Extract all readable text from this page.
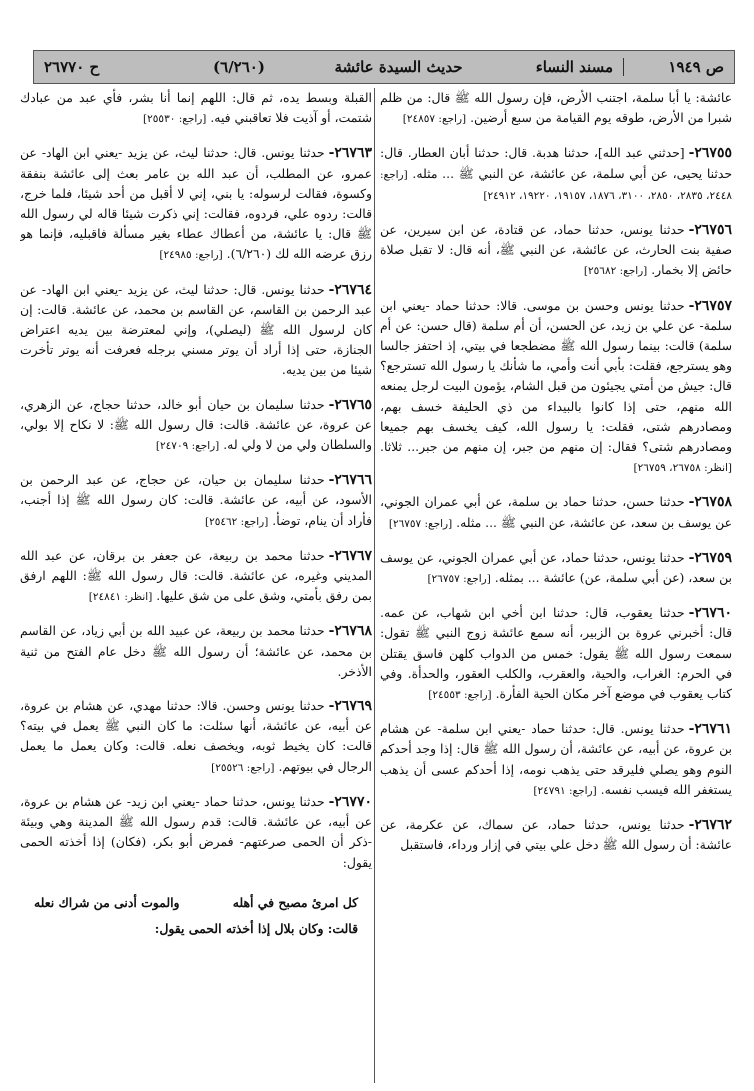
ص ١٩٤٩
مسند النساء
حديث السيدة عائشة
(٦/٢٦٠)
ح ٢٦٧٧٠

عائشة: يا أبا سلمة، اجتنب الأرض، فإن رسول الله ﷺ قال: من ظلم شبرا من الأرض، طوقه يوم القيامة من سبع أرضين. [راجع: ٢٤٨٥٧]

٢٦٧٥٥-[حدثني عبد الله]، حدثنا هدبة. قال: حدثنا أبان العطار. قال: حدثنا يحيى، عن أبي سلمة، عن عائشة، عن النبي ﷺ ... مثله. [راجع: ٢٤٤٨، ٢٨٣٥، ٢٨٥٠، ٣١٠٠، ١٨٧٦، ١٩١٥٧، ١٩٢٢٠، ٢٤٩١٢]

٢٦٧٥٦-حدثنا يونس، حدثنا حماد، عن قتادة، عن ابن سيرين، عن صفية بنت الحارث، عن عائشة، عن النبي ﷺ، أنه قال: لا تقبل صلاة حائض إلا بخمار. [راجع: ٢٥٦٨٢]

٢٦٧٥٧-حدثنا يونس وحسن بن موسى. قالا: حدثنا حماد -يعني ابن سلمة- عن علي بن زيد، عن الحسن، أن أم سلمة (قال حسن: عن أم سلمة) قالت: بينما رسول الله ﷺ مضطجعا في بيتي، إذ احتفز جالسا وهو يسترجع، فقلت: بأبي أنت وأمي، ما شأنك يا رسول الله تسترجع؟ قال: جيش من أمتي يجيئون من قبل الشام، يؤمون البيت لرجل يمنعه الله منهم، حتى إذا كانوا بالبيداء من ذي الحليفة خسف بهم، ومصادرهم شتى، فقلت: يا رسول الله، كيف يخسف بهم جميعا ومصادرهم شتى؟ فقال: إن منهم من جبر، إن منهم من جبر... ثلاثا. [انظر: ٢٦٧٥٨، ٢٦٧٥٩]

٢٦٧٥٨-حدثنا حسن، حدثنا حماد بن سلمة، عن أبي عمران الجوني، عن يوسف بن سعد، عن عائشة، عن النبي ﷺ ... مثله. [راجع: ٢٦٧٥٧]

٢٦٧٥٩-حدثنا يونس، حدثنا حماد، عن أبي عمران الجوني، عن يوسف بن سعد، (عن أبي سلمة، عن) عائشة ... بمثله. [راجع: ٢٦٧٥٧]

٢٦٧٦٠-حدثنا يعقوب، قال: حدثنا ابن أخي ابن شهاب، عن عمه. قال: أخبرني عروة بن الزبير، أنه سمع عائشة زوج النبي ﷺ تقول: سمعت رسول الله ﷺ يقول: خمس من الدواب كلهن فاسق يقتلن في الحرم: الغراب، والحية، والعقرب، والكلب العقور، والحدأة. وفي كتاب يعقوب في موضع آخر مكان الحية الفأرة. [راجع: ٢٤٥٥٣]

٢٦٧٦١-حدثنا يونس. قال: حدثنا حماد -يعني ابن سلمة- عن هشام بن عروة، عن أبيه، عن عائشة، أن رسول الله ﷺ قال: إذا وجد أحدكم النوم وهو يصلي فليرقد حتى يذهب نومه، إذا أحدكم عسى أن يذهب يستغفر الله فيسب نفسه. [راجع: ٢٤٧٩١]

٢٦٧٦٢-حدثنا يونس، حدثنا حماد، عن سماك، عن عكرمة، عن عائشة: أن رسول الله ﷺ دخل علي بيتي في إزار ورداء، فاستقبل

القبلة وبسط يده، ثم قال: اللهم إنما أنا بشر، فأي عبد من عبادك شتمت، أو آذيت فلا تعاقبني فيه. [راجع: ٢٥٥٣٠]

٢٦٧٦٣-حدثنا يونس. قال: حدثنا ليث، عن يزيد -يعني ابن الهاد- عن عمرو، عن المطلب، أن عبد الله بن عامر بعث إلى عائشة بنفقة وكسوة، فقالت لرسوله: يا بني، إني لا أقبل من أحد شيئا، فلما خرج، قالت: ردوه علي، فردوه، فقالت: إني ذكرت شيئا قاله لي رسول الله ﷺ قال: يا عائشة، من أعطاك عطاء بغير مسألة فاقبليه، فإنما هو رزق عرضه الله لك (٦/٢٦٠). [راجع: ٢٤٩٨٥]

٢٦٧٦٤-حدثنا يونس. قال: حدثنا ليث، عن يزيد -يعني ابن الهاد- عن عبد الرحمن بن القاسم، عن القاسم بن محمد، عن عائشة. قالت: إن كان لرسول الله ﷺ (ليصلي)، وإني لمعترضة بين يديه اعتراض الجنازة، حتى إذا أراد أن يوتر مسني برجله فعرفت أنه يوتر تأخرت شيئا من بين يديه.

٢٦٧٦٥-حدثنا سليمان بن حيان أبو خالد، حدثنا حجاج، عن الزهري، عن عروة، عن عائشة. قالت: قال رسول الله ﷺ: لا نكاح إلا بولي، والسلطان ولي من لا ولي له. [راجع: ٢٤٧٠٩]

٢٦٧٦٦-حدثنا سليمان بن حيان، عن حجاج، عن عبد الرحمن بن الأسود، عن أبيه، عن عائشة. قالت: كان رسول الله ﷺ إذا أجنب، فأراد أن ينام، توضأ. [راجع: ٢٥٤٦٢]

٢٦٧٦٧-حدثنا محمد بن ربيعة، عن جعفر بن برقان، عن عبد الله المديني وغيره، عن عائشة. قالت: قال رسول الله ﷺ: اللهم ارفق بمن رفق بأمتي، وشق على من شق عليها. [انظر: ٢٤٨٤١]

٢٦٧٦٨-حدثنا محمد بن ربيعة، عن عبيد الله بن أبي زياد، عن القاسم بن محمد، عن عائشة؛ أن رسول الله ﷺ دخل عام الفتح من ثنية الأذخر.

٢٦٧٦٩-حدثنا يونس وحسن. قالا: حدثنا مهدي، عن هشام بن عروة، عن أبيه، عن عائشة، أنها سئلت: ما كان النبي ﷺ يعمل في بيته؟ قالت: كان يخيط ثوبه، ويخصف نعله. قالت: وكان يعمل ما يعمل الرجال في بيوتهم. [راجع: ٢٥٥٢٦]

٢٦٧٧٠-حدثنا يونس، حدثنا حماد -يعني ابن زيد- عن هشام بن عروة، عن أبيه، عن عائشة. قالت: قدم رسول الله ﷺ المدينة وهي وبيئة -ذكر أن الحمى صرعتهم- فمرض أبو بكر، (فكان) إذا أخذته الحمى يقول:

كل امرئ مصبح في أهله
والموت أدنى من شراك نعله
قالت: وكان بلال إذا أخذته الحمى يقول:
